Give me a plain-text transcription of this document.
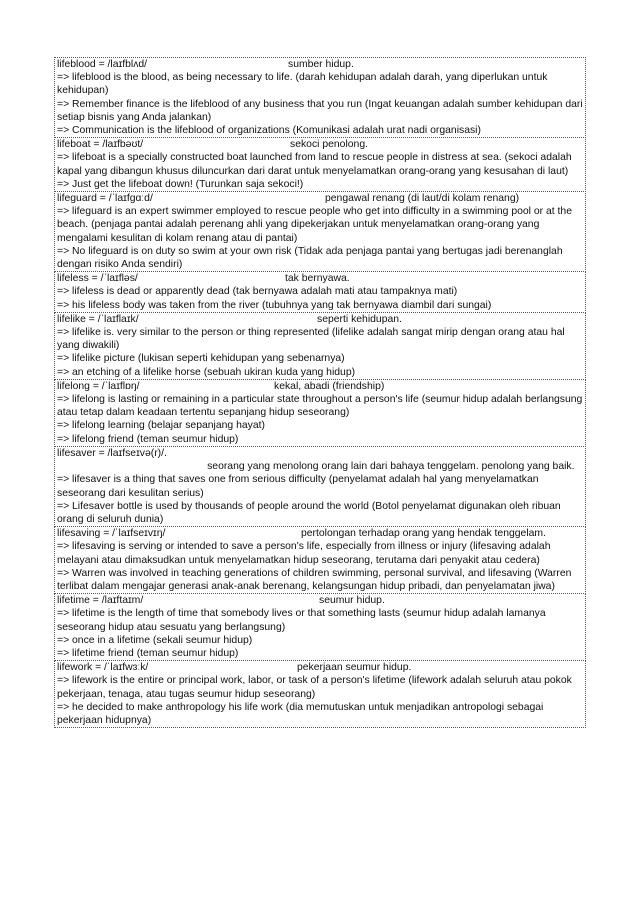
lifeblood = /laɪfblʌd/	sumber hidup.
=> lifeblood is the blood, as being necessary to life. (darah kehidupan adalah darah, yang diperlukan untuk kehidupan)
=> Remember finance is the lifeblood of any business that you run (Ingat keuangan adalah sumber kehidupan dari setiap bisnis yang Anda jalankan)
=> Communication is the lifeblood of organizations (Komunikasi adalah urat nadi organisasi)
lifeboat = /laɪfbəʊt/	sekoci penolong.
=> lifeboat is a specially constructed boat launched from land to rescue people in distress at sea. (sekoci adalah kapal yang dibangun khusus diluncurkan dari darat untuk menyelamatkan orang-orang yang kesusahan di laut)
=> Just get the lifeboat down! (Turunkan saja sekoci!)
lifeguard = /ˈlaɪfɡɑːd/	pengawal renang (di laut/di kolam renang)
=> lifeguard is an expert swimmer employed to rescue people who get into difficulty in a swimming pool or at the beach. (penjaga pantai adalah perenang ahli yang dipekerjakan untuk menyelamatkan orang-orang yang mengalami kesulitan di kolam renang atau di pantai)
=> No lifeguard is on duty so swim at your own risk (Tidak ada penjaga pantai yang bertugas jadi berenanglah dengan risiko Anda sendiri)
lifeless = /ˈlaɪfləs/	tak bernyawa.
=> lifeless is dead or apparently dead (tak bernyawa adalah mati atau tampaknya mati)
=> his lifeless body was taken from the river (tubuhnya yang tak bernyawa diambil dari sungai)
lifelike = /ˈlaɪflaɪk/	seperti kehidupan.
=> lifelike is. very similar to the person or thing represented (lifelike adalah sangat mirip dengan orang atau hal yang diwakili)
=> lifelike picture (lukisan seperti kehidupan yang sebenarnya)
=> an etching of a lifelike horse (sebuah ukiran kuda yang hidup)
lifelong = /ˈlaɪflɒŋ/	kekal, abadi (friendship)
=> lifelong is lasting or remaining in a particular state throughout a person's life (seumur hidup adalah berlangsung atau tetap dalam keadaan tertentu sepanjang hidup seseorang)
=> lifelong learning (belajar sepanjang hayat)
=> lifelong friend (teman seumur hidup)
lifesaver = /laɪfseɪvə(r)/.
seorang yang menolong orang lain dari bahaya tenggelam. penolong yang baik.
=> lifesaver is a thing that saves one from serious difficulty (penyelamat adalah hal yang menyelamatkan seseorang dari kesulitan serius)
=> Lifesaver bottle is used by thousands of people around the world (Botol penyelamat digunakan oleh ribuan orang di seluruh dunia)
lifesaving = /ˈlaɪfseɪvɪŋ/	pertolongan terhadap orang yang hendak tenggelam.
=> lifesaving is serving or intended to save a person's life, especially from illness or injury (lifesaving adalah melayani atau dimaksudkan untuk menyelamatkan hidup seseorang, terutama dari penyakit atau cedera)
=> Warren was involved in teaching generations of children swimming, personal survival, and lifesaving (Warren terlibat dalam mengajar generasi anak-anak berenang, kelangsungan hidup pribadi, dan penyelamatan jiwa)
lifetime = /laɪftaɪm/	seumur hidup.
=> lifetime is the length of time that somebody lives or that something lasts (seumur hidup adalah lamanya seseorang hidup atau sesuatu yang berlangsung)
=> once in a lifetime (sekali seumur hidup)
=> lifetime friend (teman seumur hidup)
lifework = /ˈlaɪfwɜːk/	pekerjaan seumur hidup.
=> lifework is the entire or principal work, labor, or task of a person's lifetime (lifework adalah seluruh atau pokok pekerjaan, tenaga, atau tugas seumur hidup seseorang)
=> he decided to make anthropology his life work (dia memutuskan untuk menjadikan antropologi sebagai pekerjaan hidupnya)
